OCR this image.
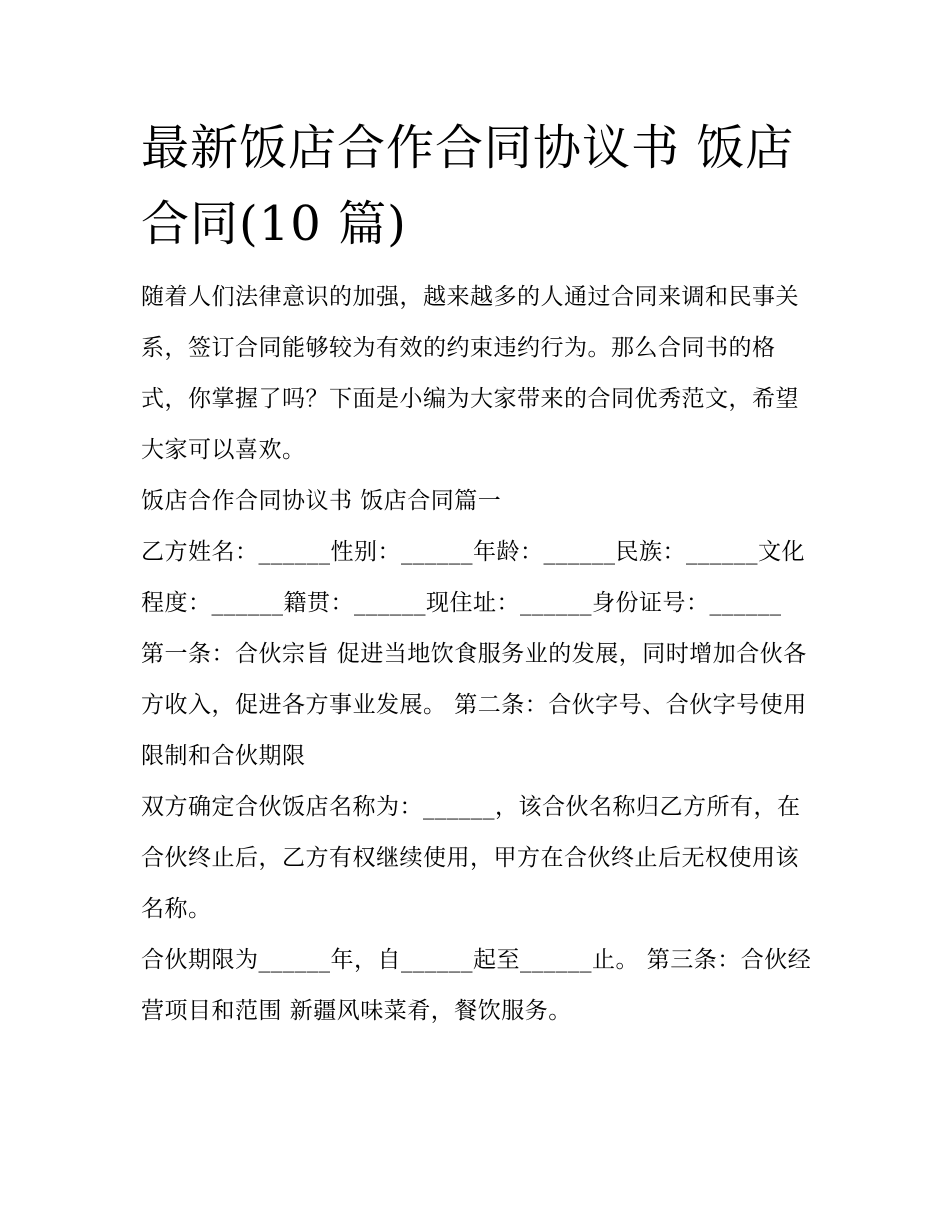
最新饭店合作合同协议书 饭店合同(10 篇)

随着人们法律意识的加强，越来越多的人通过合同来调和民事关系，签订合同能够较为有效的约束违约行为。那么合同书的格式，你掌握了吗？下面是小编为大家带来的合同优秀范文，希望大家可以喜欢。

饭店合作合同协议书 饭店合同篇一

乙方姓名：______性别：______年龄：______民族：______文化程度：______籍贯：______现住址：______身份证号：______

第一条：合伙宗旨 促进当地饮食服务业的发展，同时增加合伙各方收入，促进各方事业发展。 第二条：合伙字号、合伙字号使用限制和合伙期限

双方确定合伙饭店名称为：______，该合伙名称归乙方所有，在合伙终止后，乙方有权继续使用，甲方在合伙终止后无权使用该名称。

合伙期限为______年，自______起至______止。 第三条：合伙经营项目和范围 新疆风味菜肴，餐饮服务。
